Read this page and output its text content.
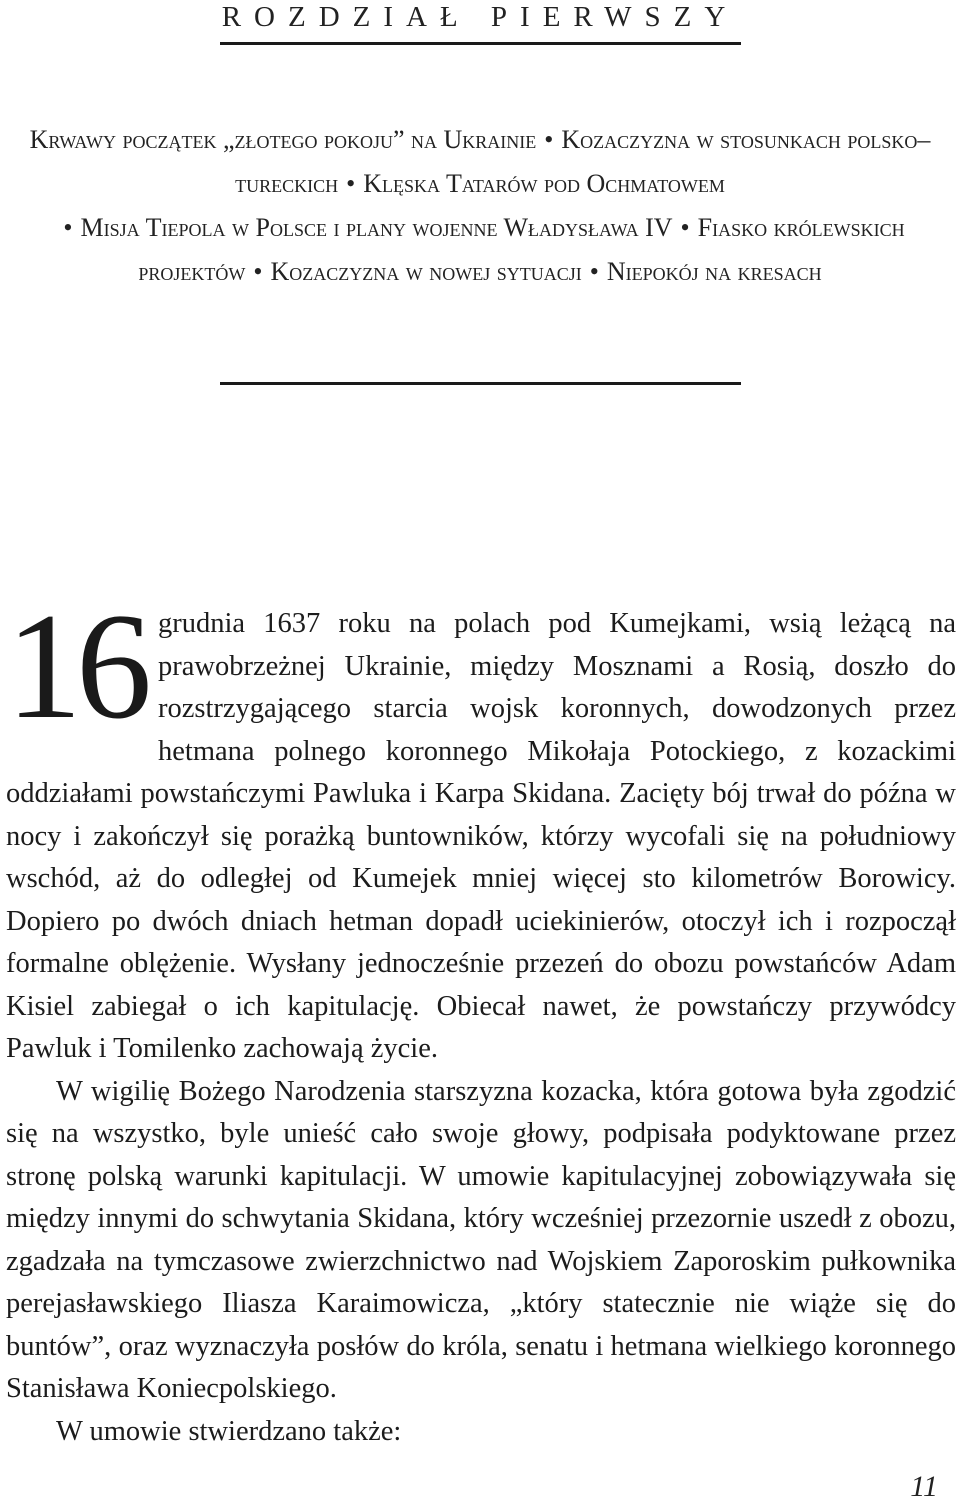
ROZDZIAŁ PIERWSZY
Krwawy początek „złotego pokoju” na Ukrainie • Kozaczyzna w stosunkach polsko–tureckich • Klęska Tatarów pod Ochmatowem
• Misja Tiepola w Polsce i plany wojenne Władysława IV • Fiasko królewskich projektów • Kozaczyzna w nowej sytuacji • Niepokój na kresach

16 grudnia 1637 roku na polach pod Kumejkami, wsią leżącą na prawobrzeżnej Ukrainie, między Mosznami a Rosią, doszło do rozstrzygającego starcia wojsk koronnych, dowodzonych przez hetmana polnego koronnego Mikołaja Potockiego, z kozackimi oddziałami powstańczymi Pawluka i Karpa Skidana. Zacięty bój trwał do późna w nocy i zakończył się porażką buntowników, którzy wycofali się na południowy wschód, aż do odległej od Kumejek mniej więcej sto kilometrów Borowicy. Dopiero po dwóch dniach hetman dopadł uciekinierów, otoczył ich i rozpoczął formalne oblężenie. Wysłany jednocześnie przezeń do obozu powstańców Adam Kisiel zabiegał o ich kapitulację. Obiecał nawet, że powstańczy przywódcy Pawluk i Tomilenko zachowają życie.

W wigilię Bożego Narodzenia starszyzna kozacka, która gotowa była zgodzić się na wszystko, byle unieść cało swoje głowy, podpisała podyktowane przez stronę polską warunki kapitulacji. W umowie kapitulacyjnej zobowiązywała się między innymi do schwytania Skidana, który wcześniej przezornie uszedł z obozu, zgadzała na tymczasowe zwierzchnictwo nad Wojskiem Zaporoskim pułkownika perejasławskiego Iliasza Karaimowicza, „który statecznie nie wiąże się do buntów”, oraz wyznaczyła posłów do króla, senatu i hetmana wielkiego koronnego Stanisława Koniecpolskiego.

W umowie stwierdzano także:

11
